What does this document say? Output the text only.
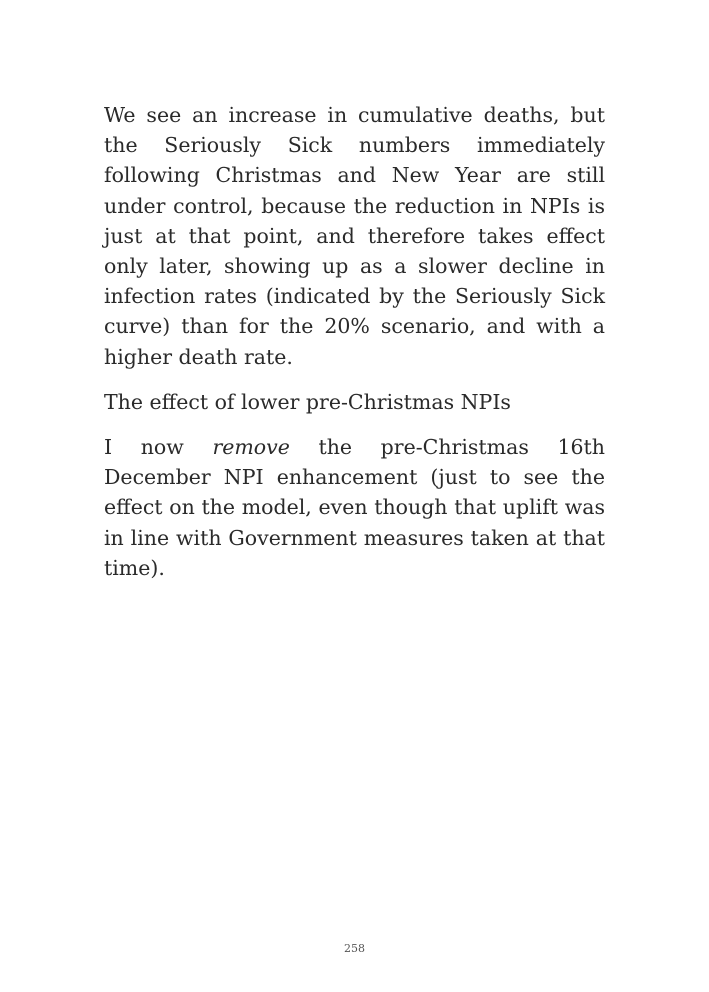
We see an increase in cumulative deaths, but the Seriously Sick numbers immediately following Christmas and New Year are still under control, because the reduction in NPIs is just at that point, and therefore takes effect only later, showing up as a slower decline in infection rates (indicated by the Seriously Sick curve) than for the 20% scenario, and with a higher death rate.

The effect of lower pre-Christmas NPIs

I now remove the pre-Christmas 16th December NPI enhancement (just to see the effect on the model, even though that uplift was in line with Government measures taken at that time).

258
